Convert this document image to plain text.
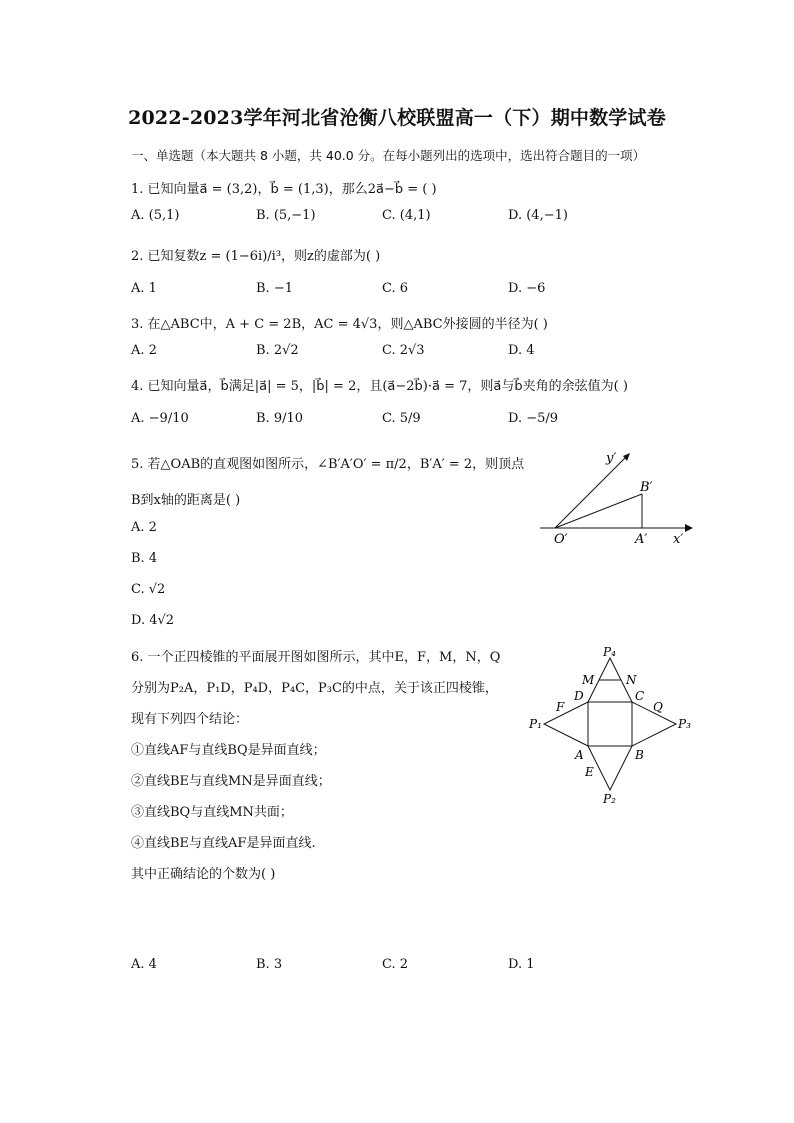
2022-2023学年河北省沧衡八校联盟高一（下）期中数学试卷
一、单选题（本大题共 8 小题，共 40.0 分。在每小题列出的选项中，选出符合题目的一项）
1. 已知向量a⃗ = (3,2)，b⃗ = (1,3)，那么2a⃗−b⃗ = ( )
A. (5,1)	B. (5,−1)	C. (4,1)	D. (4,−1)
2. 已知复数z = (1−6i)/i³，则z的虚部为( )
A. 1	B. −1	C. 6	D. −6
3. 在△ABC中，A + C = 2B，AC = 4√3，则△ABC外接圆的半径为( )
A. 2	B. 2√2	C. 2√3	D. 4
4. 已知向量a⃗，b⃗满足|a⃗| = 5，|b⃗| = 2，且(a⃗−2b⃗)·a⃗ = 7，则a⃗与b⃗夹角的余弦值为( )
A. −9/10	B. 9/10	C. 5/9	D. −5/9
5. 若△OAB的直观图如图所示，∠B′A′O′ = π/2，B′A′ = 2，则顶点
B到x轴的距离是( )
A. 2
B. 4
C. √2
D. 4√2
y′
x′
O′	A′
B′
6. 一个正四棱锥的平面展开图如图所示，其中E，F，M，N，Q
分别为P₂A，P₁D，P₄D，P₄C，P₃C的中点，关于该正四棱锥，
现有下列四个结论：
①直线AF与直线BQ是异面直线；
②直线BE与直线MN是异面直线；
③直线BQ与直线MN共面；
④直线BE与直线AF是异面直线.
其中正确结论的个数为( )
A. 4	B. 3	C. 2	D. 1
P₄
M	N
D	C
F	Q
P₁	P₃
A	B
E
P₂
